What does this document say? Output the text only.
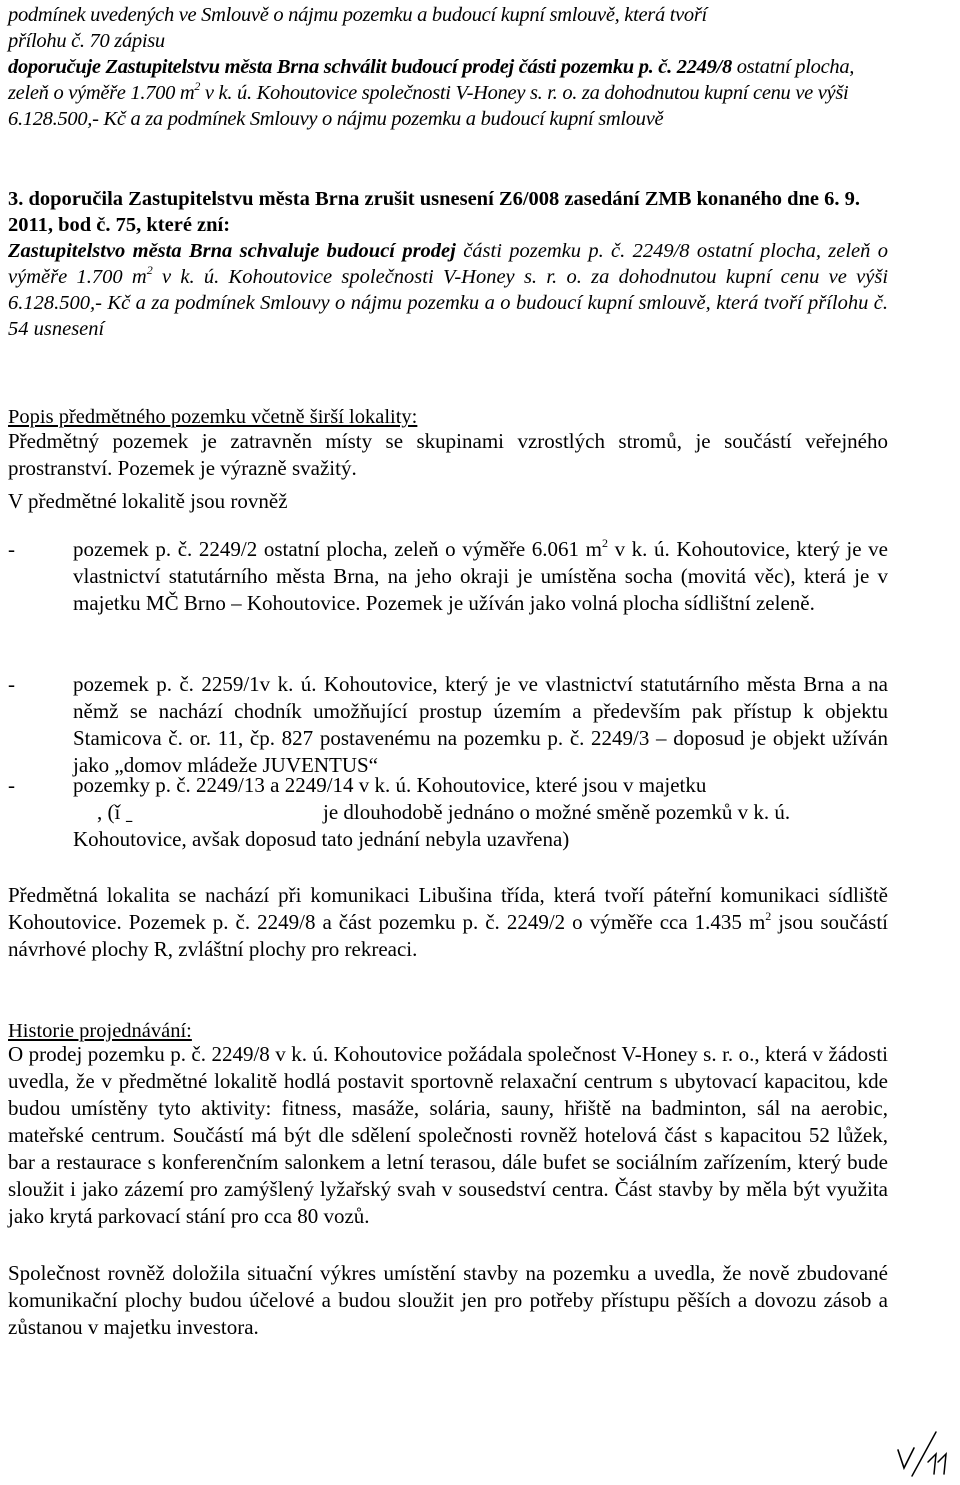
podmínek uvedených ve Smlouvě o nájmu pozemku a budoucí kupní smlouvě, která tvoří

přílohu č. 70 zápisu

doporučuje Zastupitelstvu města Brna schválit budoucí prodej části pozemku p. č. 2249/8 ostatní plocha, zeleň o výměře 1.700 $m^2$ v k. ú. Kohoutovice společnosti V-Honey s. r. o. za dohodnutou kupní cenu ve výši 6.128.500,- Kč a za podmínek Smlouvy o nájmu pozemku a budoucí kupní smlouvě

3. doporučila Zastupitelstvu města Brna zrušit usnesení Z6/008 zasedání ZMB konaného dne 6. 9. 2011, bod č. 75, které zní:

Zastupitelstvo města Brna schvaluje budoucí prodej části pozemku p. č. 2249/8 ostatní plocha, zeleň o výměře 1.700 $m^2$ v k. ú. Kohoutovice společnosti V-Honey s. r. o. za dohodnutou kupní cenu ve výši 6.128.500,- Kč a za podmínek Smlouvy o nájmu pozemku a o budoucí kupní smlouvě, která tvoří přílohu č. 54 usnesení

Popis předmětného pozemku včetně širší lokality:

Předmětný pozemek je zatravněn místy se skupinami vzrostlých stromů, je součástí veřejného prostranství. Pozemek je výrazně svažitý.

V předmětné lokalitě jsou rovněž

-	pozemek p. č. 2249/2 ostatní plocha, zeleň o výměře 6.061 $m^2$ v k. ú. Kohoutovice, který je ve vlastnictví statutárního města Brna, na jeho okraji je umístěna socha (movitá věc), která je v majetku MČ Brno – Kohoutovice. Pozemek je užíván jako volná plocha sídlištní zeleně.

-	pozemek p. č. 2259/1v k. ú. Kohoutovice, který je ve vlastnictví statutárního města Brna a na němž se nachází chodník umožňující prostup územím a především pak přístup k objektu Stamicova č. or. 11, čp. 827 postavenému na pozemku p. č. 2249/3 – doposud je objekt užíván jako „domov mládeže JUVENTUS“

-	pozemky p. č. 2249/13 a 2249/14 v k. ú. Kohoutovice, které jsou v majetku

, (ǐ ˍ	je dlouhodobě jednáno o možné směně pozemků v k. ú.

Kohoutovice, avšak doposud tato jednání nebyla uzavřena)

Předmětná lokalita se nachází při komunikaci Libušina třída, která tvoří páteřní komunikaci sídliště Kohoutovice. Pozemek p. č. 2249/8 a část pozemku p. č. 2249/2 o výměře cca 1.435 $m^2$ jsou součástí návrhové plochy R, zvláštní plochy pro rekreaci.

Historie projednávání:

O prodej pozemku p. č. 2249/8 v k. ú. Kohoutovice požádala společnost V-Honey s. r. o., která v žádosti uvedla, že v předmětné lokalitě hodlá postavit sportovně relaxační centrum s ubytovací kapacitou, kde budou umístěny tyto aktivity: fitness, masáže, solária, sauny, hřiště na badminton, sál na aerobic, mateřské centrum. Součástí má být dle sdělení společnosti rovněž hotelová část s kapacitou 52 lůžek, bar a restaurace s konferenčním salonkem a letní terasou, dále bufet se sociálním zařízením, který bude sloužit i jako zázemí pro zamýšlený lyžařský svah v sousedství centra. Část stavby by měla být využita jako krytá parkovací stání pro cca 80 vozů.

Společnost rovněž doložila situační výkres umístění stavby na pozemku a uvedla, že nově zbudované komunikační plochy budou účelové a budou sloužit jen pro potřeby přístupu pěších a dovozu zásob a zůstanou v majetku investora.
